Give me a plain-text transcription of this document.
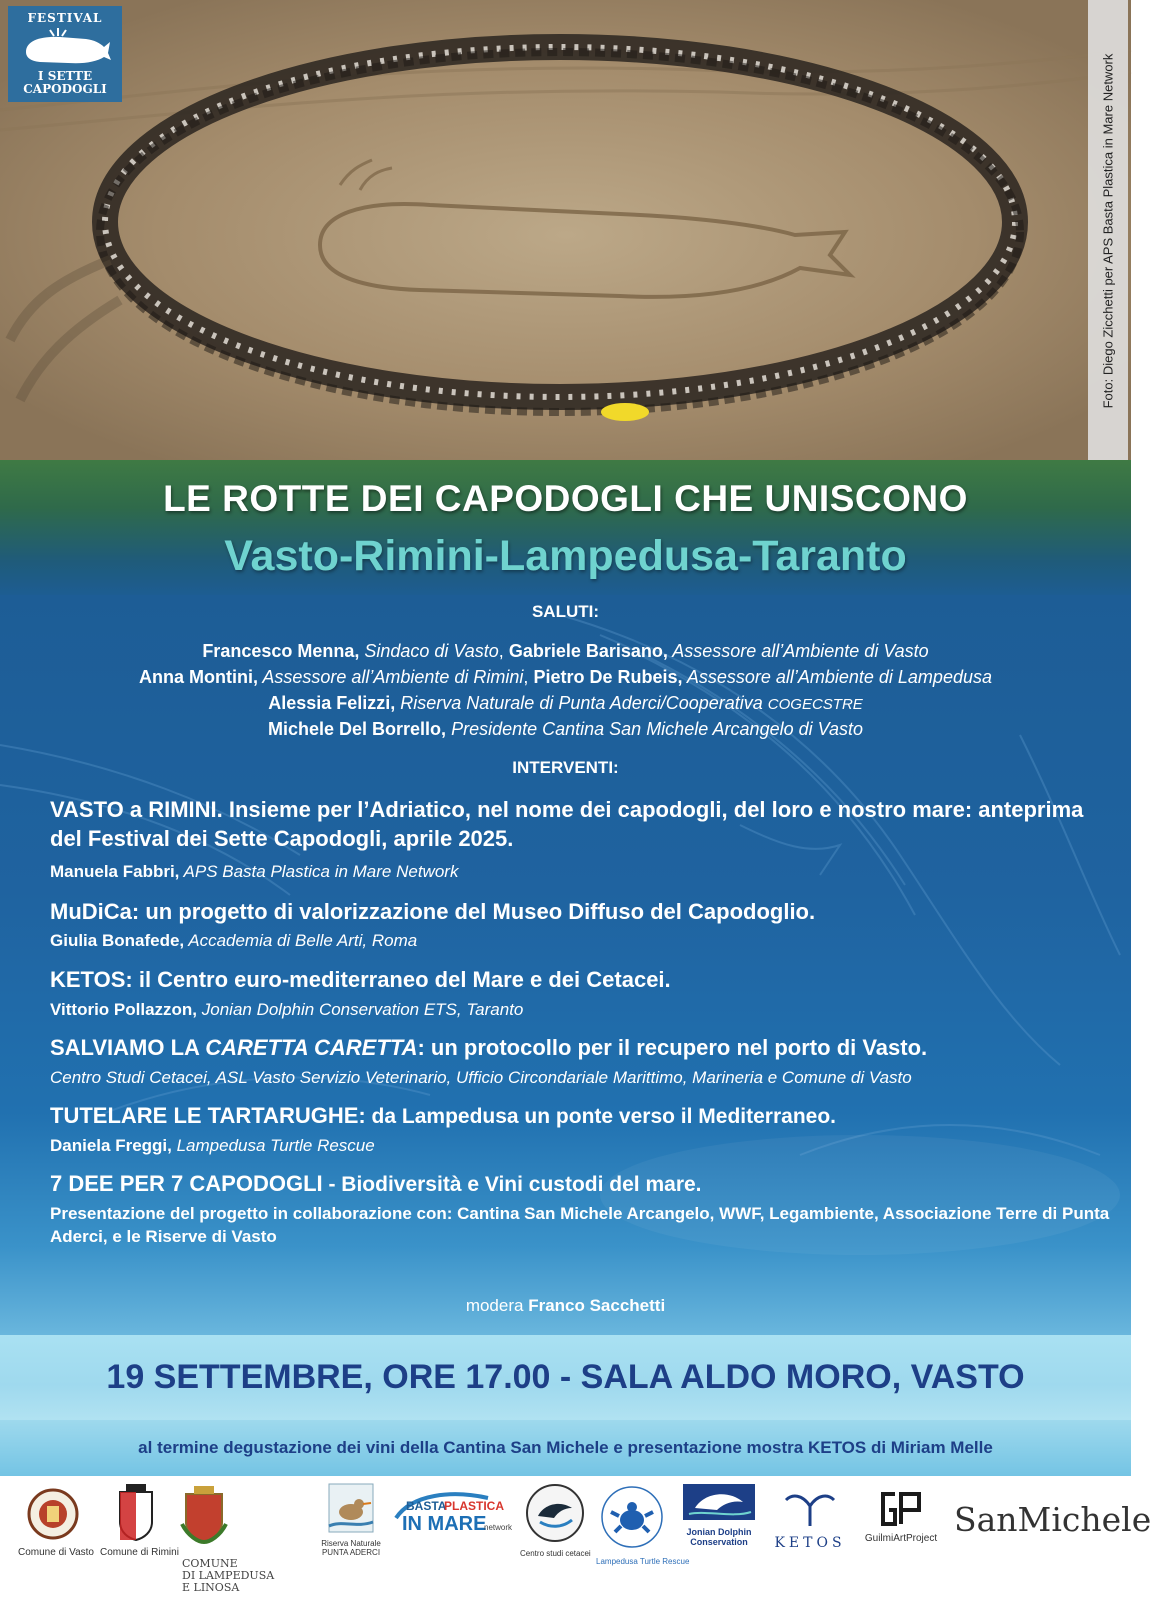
FESTIVAL
I SETTE
CAPODOGLI	Foto: Diego Zicchetti per APS Basta Plastica in Mare Network
LE ROTTE DEI CAPODOGLI CHE UNISCONO
Vasto-Rimini-Lampedusa-Taranto
SALUTI:
Francesco Menna, Sindaco di Vasto, Gabriele Barisano, Assessore all’Ambiente di Vasto
Anna Montini, Assessore all’Ambiente di Rimini, Pietro De Rubeis, Assessore all’Ambiente di Lampedusa
Alessia Felizzi, Riserva Naturale di Punta Aderci/Cooperativa COGECSTRE
Michele Del Borrello, Presidente Cantina San Michele Arcangelo di Vasto
INTERVENTI:
VASTO a RIMINI. Insieme per l’Adriatico, nel nome dei capodogli, del loro e nostro mare: anteprima del Festival dei Sette Capodogli, aprile 2025.
Manuela Fabbri, APS Basta Plastica in Mare Network
MuDiCa: un progetto di valorizzazione del Museo Diffuso del Capodoglio.
Giulia Bonafede, Accademia di Belle Arti, Roma
KETOS: il Centro euro-mediterraneo del Mare e dei Cetacei.
Vittorio Pollazzon, Jonian Dolphin Conservation ETS, Taranto
SALVIAMO LA CARETTA CARETTA: un protocollo per il recupero nel porto di Vasto.
Centro Studi Cetacei, ASL Vasto Servizio Veterinario, Ufficio Circondariale Marittimo, Marineria e Comune di Vasto
TUTELARE LE TARTARUGHE: da Lampedusa un ponte verso il Mediterraneo.
Daniela Freggi, Lampedusa Turtle Rescue
7 DEE PER 7 CAPODOGLI - Biodiversità e Vini custodi del mare.
Presentazione del progetto in collaborazione con: Cantina San Michele Arcangelo, WWF, Legambiente, Associazione Terre di Punta Aderci, e le Riserve di Vasto
modera Franco Sacchetti
19 SETTEMBRE, ORE 17.00 - SALA ALDO MORO, VASTO
al termine degustazione dei vini della Cantina San Michele e presentazione mostra KETOS di Miriam Melle
Comune di Vasto Comune di Rimini
COMUNE
DI LAMPEDUSA
E LINOSA
Riserva Naturale
PUNTA ADERCI
BASTA
PLASTICA
IN MARE
network
Centro studi cetacei
Lampedusa Turtle Rescue
Jonian Dolphin
Conservation	KETOS	GuilmiArtProject SanMichele
